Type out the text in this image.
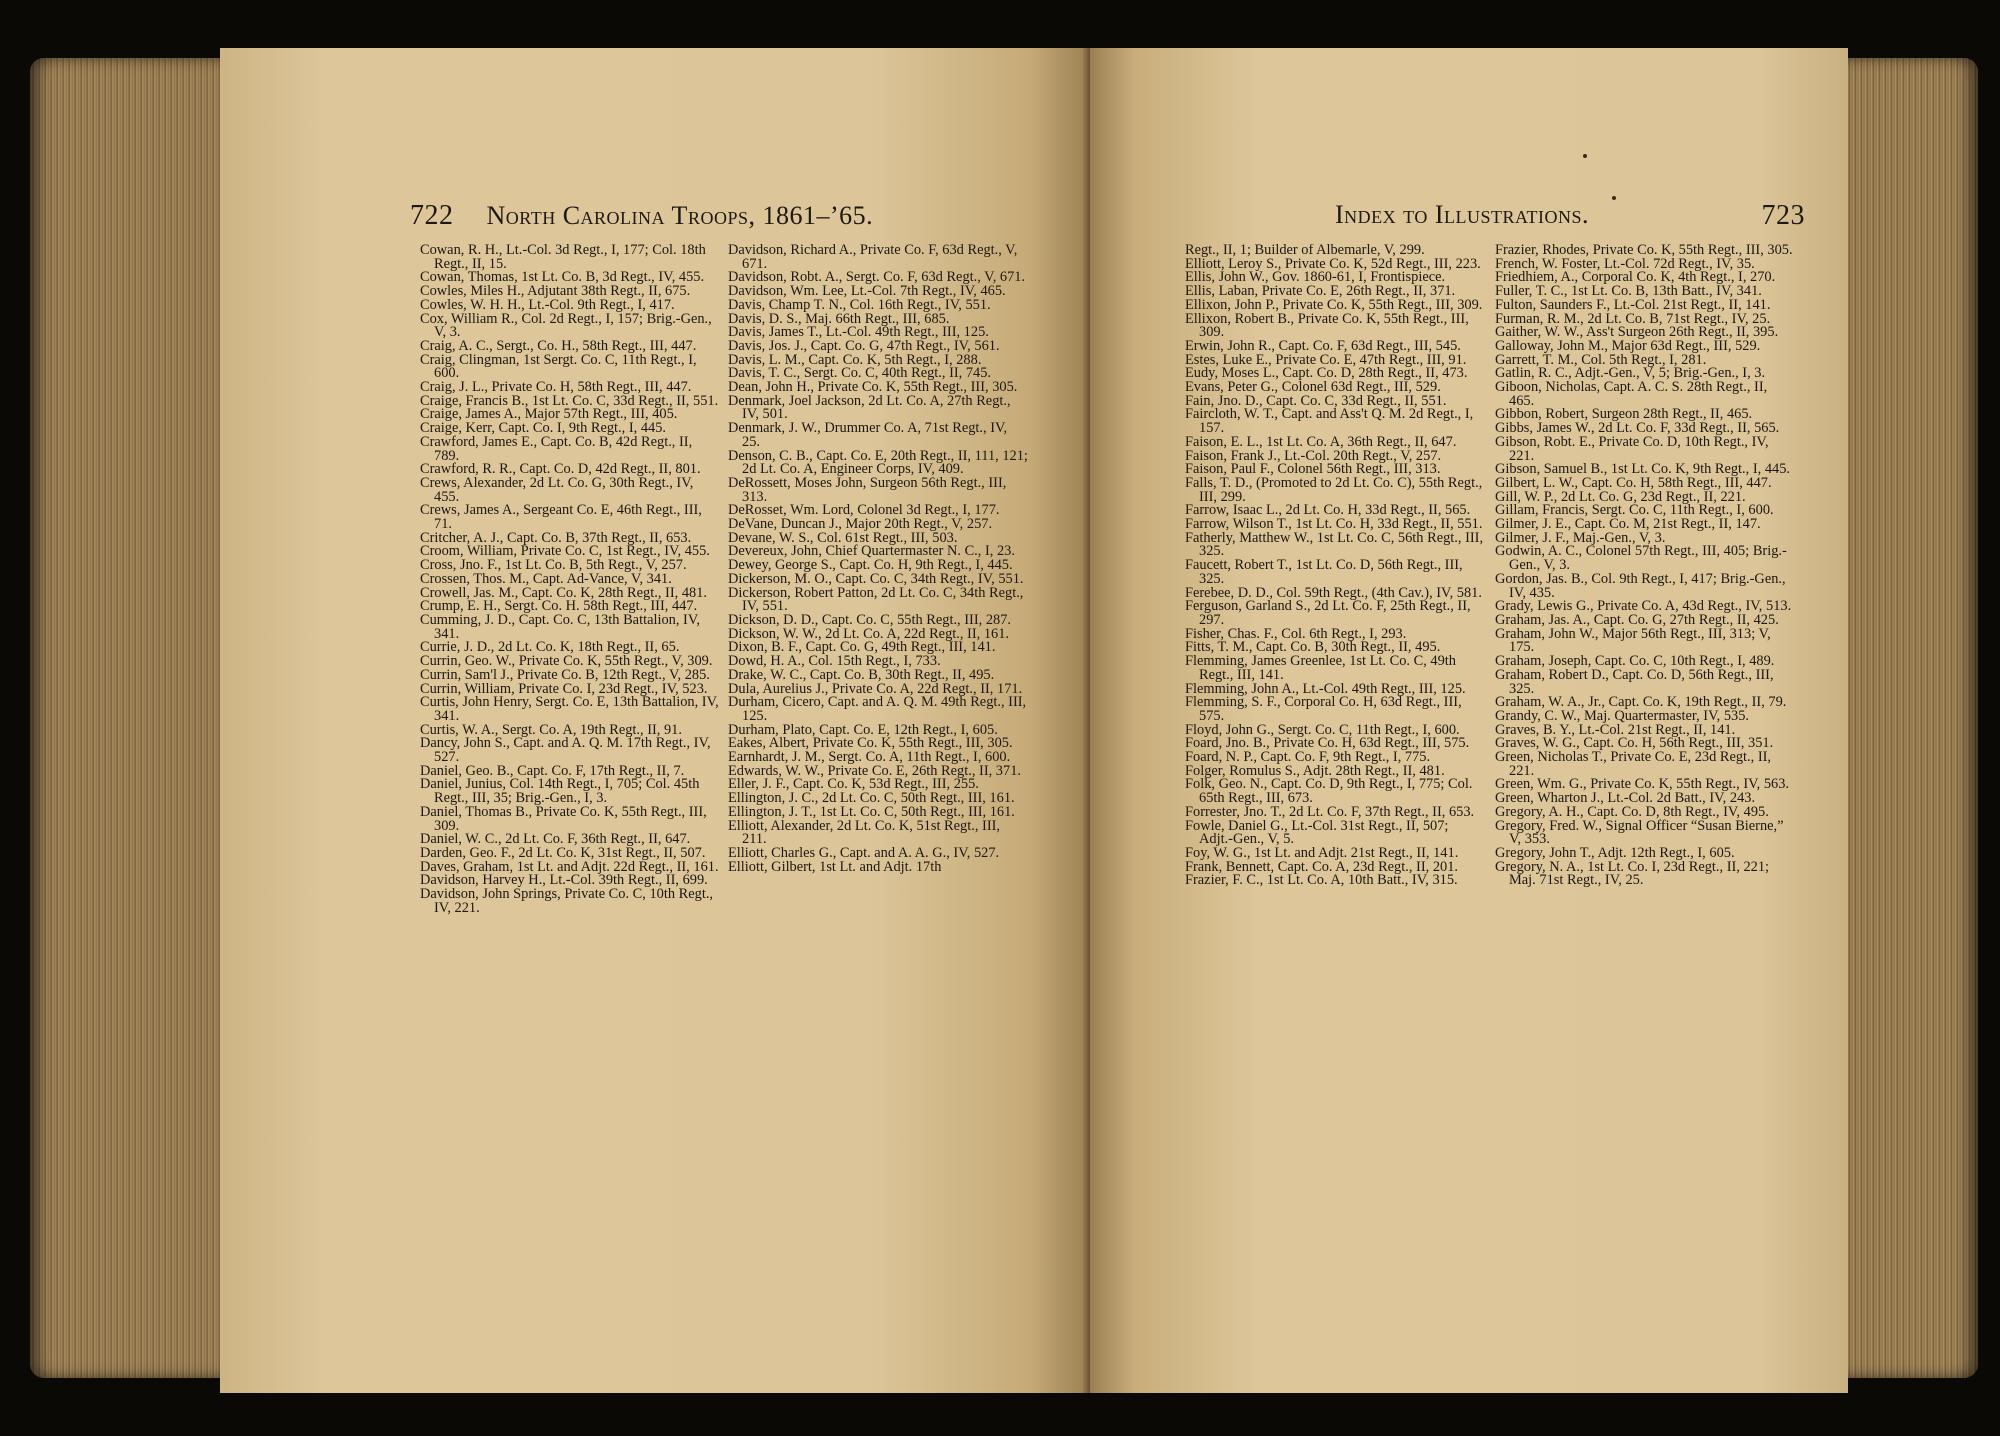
722 North Carolina Troops, 1861–’65.

Cowan, R. H., Lt.-Col. 3d Regt., I, 177; Col. 18th Regt., II, 15.

Cowan, Thomas, 1st Lt. Co. B, 3d Regt., IV, 455.

Cowles, Miles H., Adjutant 38th Regt., II, 675.

Cowles, W. H. H., Lt.-Col. 9th Regt., I, 417.

Cox, William R., Col. 2d Regt., I, 157; Brig.-Gen., V, 3.

Craig, A. C., Sergt., Co. H., 58th Regt., III, 447.

Craig, Clingman, 1st Sergt. Co. C, 11th Regt., I, 600.

Craig, J. L., Private Co. H, 58th Regt., III, 447.

Craige, Francis B., 1st Lt. Co. C, 33d Regt., II, 551.

Craige, James A., Major 57th Regt., III, 405.

Craige, Kerr, Capt. Co. I, 9th Regt., I, 445.

Crawford, James E., Capt. Co. B, 42d Regt., II, 789.

Crawford, R. R., Capt. Co. D, 42d Regt., II, 801.

Crews, Alexander, 2d Lt. Co. G, 30th Regt., IV, 455.

Crews, James A., Sergeant Co. E, 46th Regt., III, 71.

Critcher, A. J., Capt. Co. B, 37th Regt., II, 653.

Croom, William, Private Co. C, 1st Regt., IV, 455.

Cross, Jno. F., 1st Lt. Co. B, 5th Regt., V, 257.

Crossen, Thos. M., Capt. Ad-Vance, V, 341.

Crowell, Jas. M., Capt. Co. K, 28th Regt., II, 481.

Crump, E. H., Sergt. Co. H. 58th Regt., III, 447.

Cumming, J. D., Capt. Co. C, 13th Battalion, IV, 341.

Currie, J. D., 2d Lt. Co. K, 18th Regt., II, 65.

Currin, Geo. W., Private Co. K, 55th Regt., V, 309.

Currin, Sam'l J., Private Co. B, 12th Regt., V, 285.

Currin, William, Private Co. I, 23d Regt., IV, 523.

Curtis, John Henry, Sergt. Co. E, 13th Battalion, IV, 341.

Curtis, W. A., Sergt. Co. A, 19th Regt., II, 91.

Dancy, John S., Capt. and A. Q. M. 17th Regt., IV, 527.

Daniel, Geo. B., Capt. Co. F, 17th Regt., II, 7.

Daniel, Junius, Col. 14th Regt., I, 705; Col. 45th Regt., III, 35; Brig.-Gen., I, 3.

Daniel, Thomas B., Private Co. K, 55th Regt., III, 309.

Daniel, W. C., 2d Lt. Co. F, 36th Regt., II, 647.

Darden, Geo. F., 2d Lt. Co. K, 31st Regt., II, 507.

Daves, Graham, 1st Lt. and Adjt. 22d Regt., II, 161.

Davidson, Harvey H., Lt.-Col. 39th Regt., II, 699.

Davidson, John Springs, Private Co. C, 10th Regt., IV, 221.

Davidson, Richard A., Private Co. F, 63d Regt., V, 671.

Davidson, Robt. A., Sergt. Co. F, 63d Regt., V, 671.

Davidson, Wm. Lee, Lt.-Col. 7th Regt., IV, 465.

Davis, Champ T. N., Col. 16th Regt., IV, 551.

Davis, D. S., Maj. 66th Regt., III, 685.

Davis, James T., Lt.-Col. 49th Regt., III, 125.

Davis, Jos. J., Capt. Co. G, 47th Regt., IV, 561.

Davis, L. M., Capt. Co. K, 5th Regt., I, 288.

Davis, T. C., Sergt. Co. C, 40th Regt., II, 745.

Dean, John H., Private Co. K, 55th Regt., III, 305.

Denmark, Joel Jackson, 2d Lt. Co. A, 27th Regt., IV, 501.

Denmark, J. W., Drummer Co. A, 71st Regt., IV, 25.

Denson, C. B., Capt. Co. E, 20th Regt., II, 111, 121; 2d Lt. Co. A, Engineer Corps, IV, 409.

DeRossett, Moses John, Surgeon 56th Regt., III, 313.

DeRosset, Wm. Lord, Colonel 3d Regt., I, 177.

DeVane, Duncan J., Major 20th Regt., V, 257.

Devane, W. S., Col. 61st Regt., III, 503.

Devereux, John, Chief Quartermaster N. C., I, 23.

Dewey, George S., Capt. Co. H, 9th Regt., I, 445.

Dickerson, M. O., Capt. Co. C, 34th Regt., IV, 551.

Dickerson, Robert Patton, 2d Lt. Co. C, 34th Regt., IV, 551.

Dickson, D. D., Capt. Co. C, 55th Regt., III, 287.

Dickson, W. W., 2d Lt. Co. A, 22d Regt., II, 161.

Dixon, B. F., Capt. Co. G, 49th Regt., III, 141.

Dowd, H. A., Col. 15th Regt., I, 733.

Drake, W. C., Capt. Co. B, 30th Regt., II, 495.

Dula, Aurelius J., Private Co. A, 22d Regt., II, 171.

Durham, Cicero, Capt. and A. Q. M. 49th Regt., III, 125.

Durham, Plato, Capt. Co. E, 12th Regt., I, 605.

Eakes, Albert, Private Co. K, 55th Regt., III, 305.

Earnhardt, J. M., Sergt. Co. A, 11th Regt., I, 600.

Edwards, W. W., Private Co. E, 26th Regt., II, 371.

Eller, J. F., Capt. Co. K, 53d Regt., III, 255.

Ellington, J. C., 2d Lt. Co. C, 50th Regt., III, 161.

Ellington, J. T., 1st Lt. Co. C, 50th Regt., III, 161.

Elliott, Alexander, 2d Lt. Co. K, 51st Regt., III, 211.

Elliott, Charles G., Capt. and A. A. G., IV, 527.

Elliott, Gilbert, 1st Lt. and Adjt. 17th

Index to Illustrations.	723

Regt., II, 1; Builder of Albemarle, V, 299.

Elliott, Leroy S., Private Co. K, 52d Regt., III, 223.

Ellis, John W., Gov. 1860-61, I, Frontispiece.

Ellis, Laban, Private Co. E, 26th Regt., II, 371.

Ellixon, John P., Private Co. K, 55th Regt., III, 309.

Ellixon, Robert B., Private Co. K, 55th Regt., III, 309.

Erwin, John R., Capt. Co. F, 63d Regt., III, 545.

Estes, Luke E., Private Co. E, 47th Regt., III, 91.

Eudy, Moses L., Capt. Co. D, 28th Regt., II, 473.

Evans, Peter G., Colonel 63d Regt., III, 529.

Fain, Jno. D., Capt. Co. C, 33d Regt., II, 551.

Faircloth, W. T., Capt. and Ass't Q. M. 2d Regt., I, 157.

Faison, E. L., 1st Lt. Co. A, 36th Regt., II, 647.

Faison, Frank J., Lt.-Col. 20th Regt., V, 257.

Faison, Paul F., Colonel 56th Regt., III, 313.

Falls, T. D., (Promoted to 2d Lt. Co. C), 55th Regt., III, 299.

Farrow, Isaac L., 2d Lt. Co. H, 33d Regt., II, 565.

Farrow, Wilson T., 1st Lt. Co. H, 33d Regt., II, 551.

Fatherly, Matthew W., 1st Lt. Co. C, 56th Regt., III, 325.

Faucett, Robert T., 1st Lt. Co. D, 56th Regt., III, 325.

Ferebee, D. D., Col. 59th Regt., (4th Cav.), IV, 581.

Ferguson, Garland S., 2d Lt. Co. F, 25th Regt., II, 297.

Fisher, Chas. F., Col. 6th Regt., I, 293.

Fitts, T. M., Capt. Co. B, 30th Regt., II, 495.

Flemming, James Greenlee, 1st Lt. Co. C, 49th Regt., III, 141.

Flemming, John A., Lt.-Col. 49th Regt., III, 125.

Flemming, S. F., Corporal Co. H, 63d Regt., III, 575.

Floyd, John G., Sergt. Co. C, 11th Regt., I, 600.

Foard, Jno. B., Private Co. H, 63d Regt., III, 575.

Foard, N. P., Capt. Co. F, 9th Regt., I, 775.

Folger, Romulus S., Adjt. 28th Regt., II, 481.

Folk, Geo. N., Capt. Co. D, 9th Regt., I, 775; Col. 65th Regt., III, 673.

Forrester, Jno. T., 2d Lt. Co. F, 37th Regt., II, 653.

Fowle, Daniel G., Lt.-Col. 31st Regt., II, 507; Adjt.-Gen., V, 5.

Foy, W. G., 1st Lt. and Adjt. 21st Regt., II, 141.

Frank, Bennett, Capt. Co. A, 23d Regt., II, 201.

Frazier, F. C., 1st Lt. Co. A, 10th Batt., IV, 315.

Frazier, Rhodes, Private Co. K, 55th Regt., III, 305.

French, W. Foster, Lt.-Col. 72d Regt., IV, 35.

Friedhiem, A., Corporal Co. K, 4th Regt., I, 270.

Fuller, T. C., 1st Lt. Co. B, 13th Batt., IV, 341.

Fulton, Saunders F., Lt.-Col. 21st Regt., II, 141.

Furman, R. M., 2d Lt. Co. B, 71st Regt., IV, 25.

Gaither, W. W., Ass't Surgeon 26th Regt., II, 395.

Galloway, John M., Major 63d Regt., III, 529.

Garrett, T. M., Col. 5th Regt., I, 281.

Gatlin, R. C., Adjt.-Gen., V, 5; Brig.-Gen., I, 3.

Giboon, Nicholas, Capt. A. C. S. 28th Regt., II, 465.

Gibbon, Robert, Surgeon 28th Regt., II, 465.

Gibbs, James W., 2d Lt. Co. F, 33d Regt., II, 565.

Gibson, Robt. E., Private Co. D, 10th Regt., IV, 221.

Gibson, Samuel B., 1st Lt. Co. K, 9th Regt., I, 445.

Gilbert, L. W., Capt. Co. H, 58th Regt., III, 447.

Gill, W. P., 2d Lt. Co. G, 23d Regt., II, 221.

Gillam, Francis, Sergt. Co. C, 11th Regt., I, 600.

Gilmer, J. E., Capt. Co. M, 21st Regt., II, 147.

Gilmer, J. F., Maj.-Gen., V, 3.

Godwin, A. C., Colonel 57th Regt., III, 405; Brig.-Gen., V, 3.

Gordon, Jas. B., Col. 9th Regt., I, 417; Brig.-Gen., IV, 435.

Grady, Lewis G., Private Co. A, 43d Regt., IV, 513.

Graham, Jas. A., Capt. Co. G, 27th Regt., II, 425.

Graham, John W., Major 56th Regt., III, 313; V, 175.

Graham, Joseph, Capt. Co. C, 10th Regt., I, 489.

Graham, Robert D., Capt. Co. D, 56th Regt., III, 325.

Graham, W. A., Jr., Capt. Co. K, 19th Regt., II, 79.

Grandy, C. W., Maj. Quartermaster, IV, 535.

Graves, B. Y., Lt.-Col. 21st Regt., II, 141.

Graves, W. G., Capt. Co. H, 56th Regt., III, 351.

Green, Nicholas T., Private Co. E, 23d Regt., II, 221.

Green, Wm. G., Private Co. K, 55th Regt., IV, 563.

Green, Wharton J., Lt.-Col. 2d Batt., IV, 243.

Gregory, A. H., Capt. Co. D, 8th Regt., IV, 495.

Gregory, Fred. W., Signal Officer “Susan Bierne,” V, 353.

Gregory, John T., Adjt. 12th Regt., I, 605.

Gregory, N. A., 1st Lt. Co. I, 23d Regt., II, 221; Maj. 71st Regt., IV, 25.
